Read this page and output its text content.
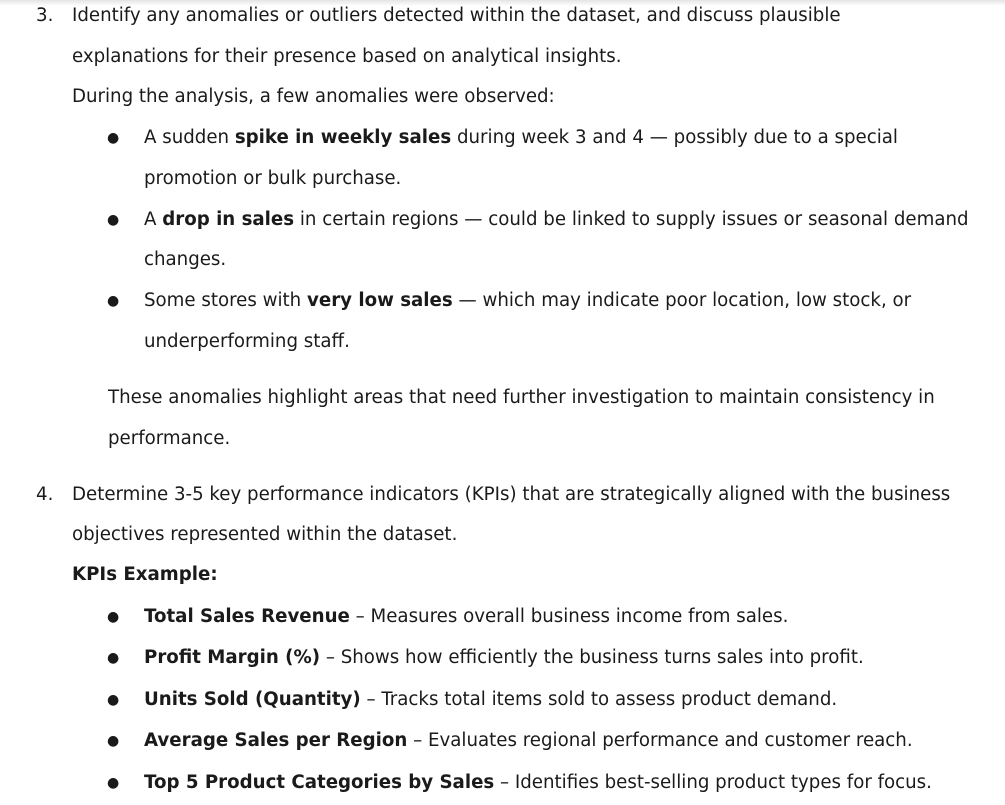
3. Identify any anomalies or outliers detected within the dataset, and discuss plausible
explanations for their presence based on analytical insights.
During the analysis, a few anomalies were observed:
● A sudden spike in weekly sales during week 3 and 4 — possibly due to a special
promotion or bulk purchase.
● A drop in sales in certain regions — could be linked to supply issues or seasonal demand
changes.
● Some stores with very low sales — which may indicate poor location, low stock, or
underperforming staff.
These anomalies highlight areas that need further investigation to maintain consistency in
performance.
4. Determine 3-5 key performance indicators (KPIs) that are strategically aligned with the business
objectives represented within the dataset.
KPIs Example:
● Total Sales Revenue – Measures overall business income from sales.
● Profit Margin (%) – Shows how efficiently the business turns sales into profit.
● Units Sold (Quantity) – Tracks total items sold to assess product demand.
● Average Sales per Region – Evaluates regional performance and customer reach.
● Top 5 Product Categories by Sales – Identifies best-selling product types for focus.
